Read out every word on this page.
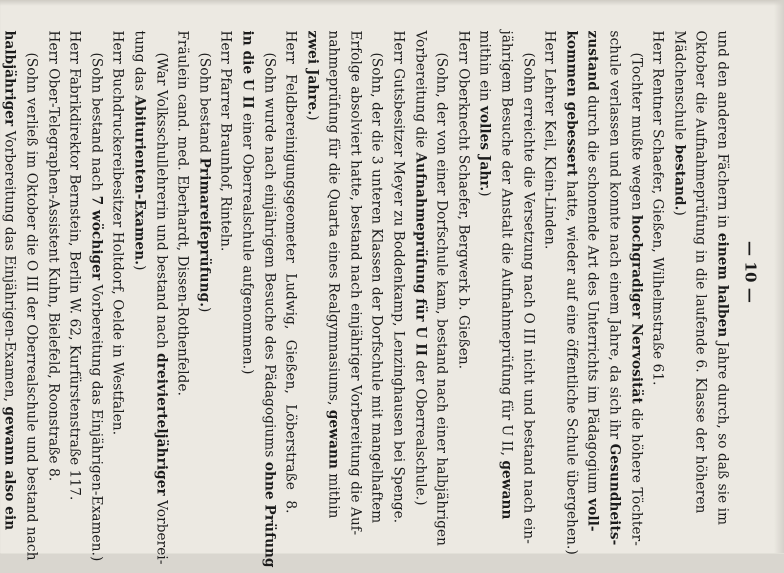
— 10 —
und den anderen Fächern in einem halben Jahre durch, so daß sie im
Oktober die Aufnahmeprüfung in die laufende 6. Klasse der höheren
Mädchenschule bestand.)
Herr Rentner Schaefer, Gießen, Wilhelmstraße 61.
(Tochter mußte wegen hochgradiger Nervosität die höhere Töchter-
schule verlassen und konnte nach einem Jahre, da sich ihr Gesundheits-
zustand durch die schonende Art des Unterrichts im Pädagogium voll-
kommen gebessert hatte, wieder auf eine öffentliche Schule übergehen.)
Herr Lehrer Keil, Klein-Linden.
(Sohn erreichte die Versetzung nach O III nicht und bestand nach ein-
jährigem Besuche der Anstalt die Aufnahmeprüfung für U II, gewann
mithin ein volles Jahr.)
Herr Oberknecht Schaefer, Bergwerk b. Gießen.
(Sohn, der von einer Dorfschule kam, bestand nach einer halbjährigen
Vorbereitung die Aufnahmeprüfung für U II der Oberrealschule.)
Herr Gutsbesitzer Meyer zu Boddenkamp, Lenzinghausen bei Spenge.
(Sohn, der die 3 unteren Klassen der Dorfschule mit mangelhaftem
Erfolge absolviert hatte, bestand nach einjähriger Vorbereitung die Auf-
nahmeprüfung für die Quarta eines Realgymnasiums, gewann mithin
zwei Jahre.)
Herr Feldbereinigungsgeometer Ludwig, Gießen, Löberstraße 8.
(Sohn wurde nach einjährigem Besuche des Pädagogiums ohne Prüfung
in die U II einer Oberrealschule aufgenommen.)
Herr Pfarrer Braunhof, Rinteln.
(Sohn bestand Primareifeprüfung.)
Fräulein cand. med. Eberhardt, Dissen-Rothenfelde.
(War Volksschullehrerin und bestand nach dreivierteljähriger Vorberei-
tung das Abiturienten-Examen.)
Herr Buchdruckereibesitzer Holtdorf, Oelde in Westfalen.
(Sohn bestand nach 7 wöchiger Vorbereitung das Einjährigen-Examen.)
Herr Fabrikdirektor Bernstein, Berlin W. 62, Kurfürstenstraße 117.
Herr Ober-Telegraphen-Assistent Kuhn, Bielefeld, Roonstraße 8.
(Sohn verließ im Oktober die O III der Oberrealschule und bestand nach
halbjähriger Vorbereitung das Einjährigen-Examen, gewann also ein
